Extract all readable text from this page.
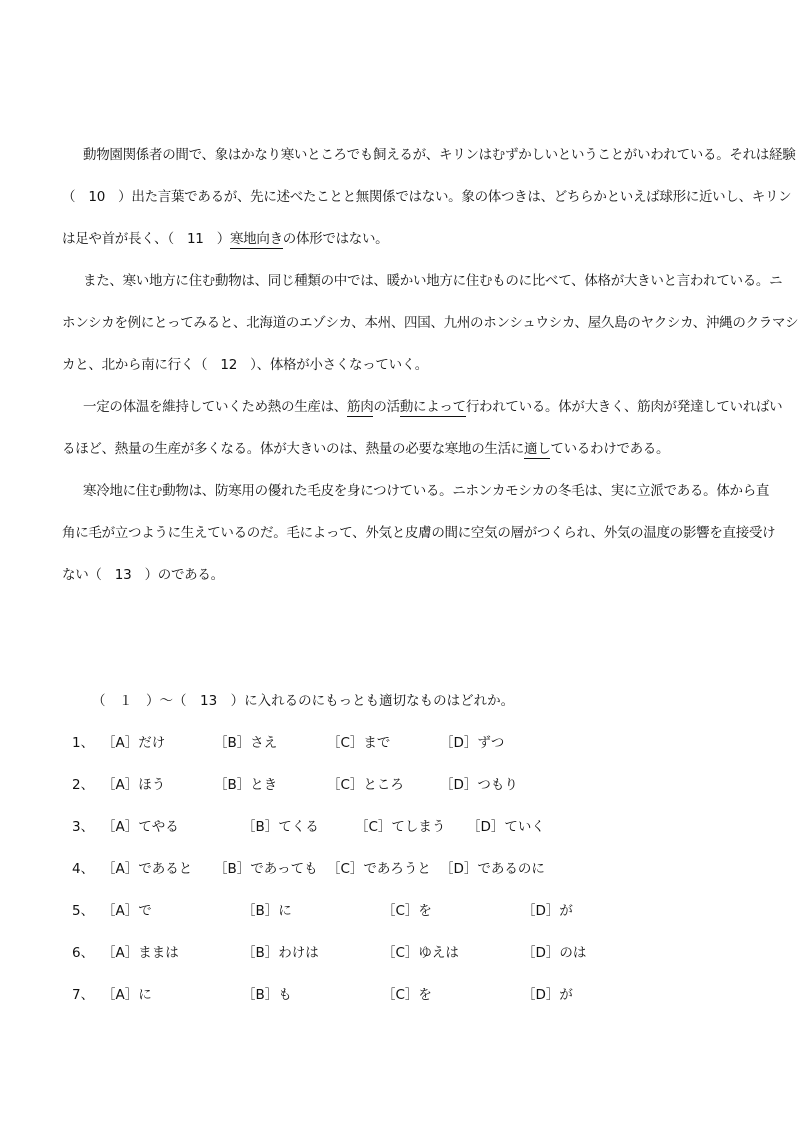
動物園関係者の間で、象はかなり寒いところでも飼えるが、キリンはむずかしいということがいわれている。それは経験
（　10　）出た言葉であるが、先に述べたことと無関係ではない。象の体つきは、どちらかといえば球形に近いし、キリン
は足や首が長く、（　11　）寒地向きの体形ではない。
また、寒い地方に住む動物は、同じ種類の中では、暖かい地方に住むものに比べて、体格が大きいと言われている。ニ
ホンシカを例にとってみると、北海道のエゾシカ、本州、四国、九州のホンシュウシカ、屋久島のヤクシカ、沖縄のクラマシ
カと、北から南に行く（　12　）、体格が小さくなっていく。
一定の体温を維持していくため熱の生産は、筋肉の活動によって行われている。体が大きく、筋肉が発達していればい
るほど、熱量の生産が多くなる。体が大きいのは、熱量の必要な寒地の生活に適しているわけである。
寒冷地に住む動物は、防寒用の優れた毛皮を身につけている。ニホンカモシカの冬毛は、実に立派である。体から直
角に毛が立つように生えているのだ。毛によって、外気と皮膚の間に空気の層がつくられ、外気の温度の影響を直接受け
ない（　13　）のである。
（　１　）～（　13　）に入れるのにもっとも適切なものはどれか。
1、 ［A］だけ	［B］さえ	［C］まで	［D］ずつ
2、 ［A］ほう	［B］とき	［C］ところ	［D］つもり
3、 ［A］てやる	［B］てくる	［C］てしまう ［D］ていく
4、 ［A］であると ［B］であっても ［C］であろうと ［D］であるのに
5、 ［A］で	［B］に	［C］を	［D］が
6、 ［A］ままは	［B］わけは	［C］ゆえは	［D］のは
7、 ［A］に	［B］も	［C］を	［D］が
